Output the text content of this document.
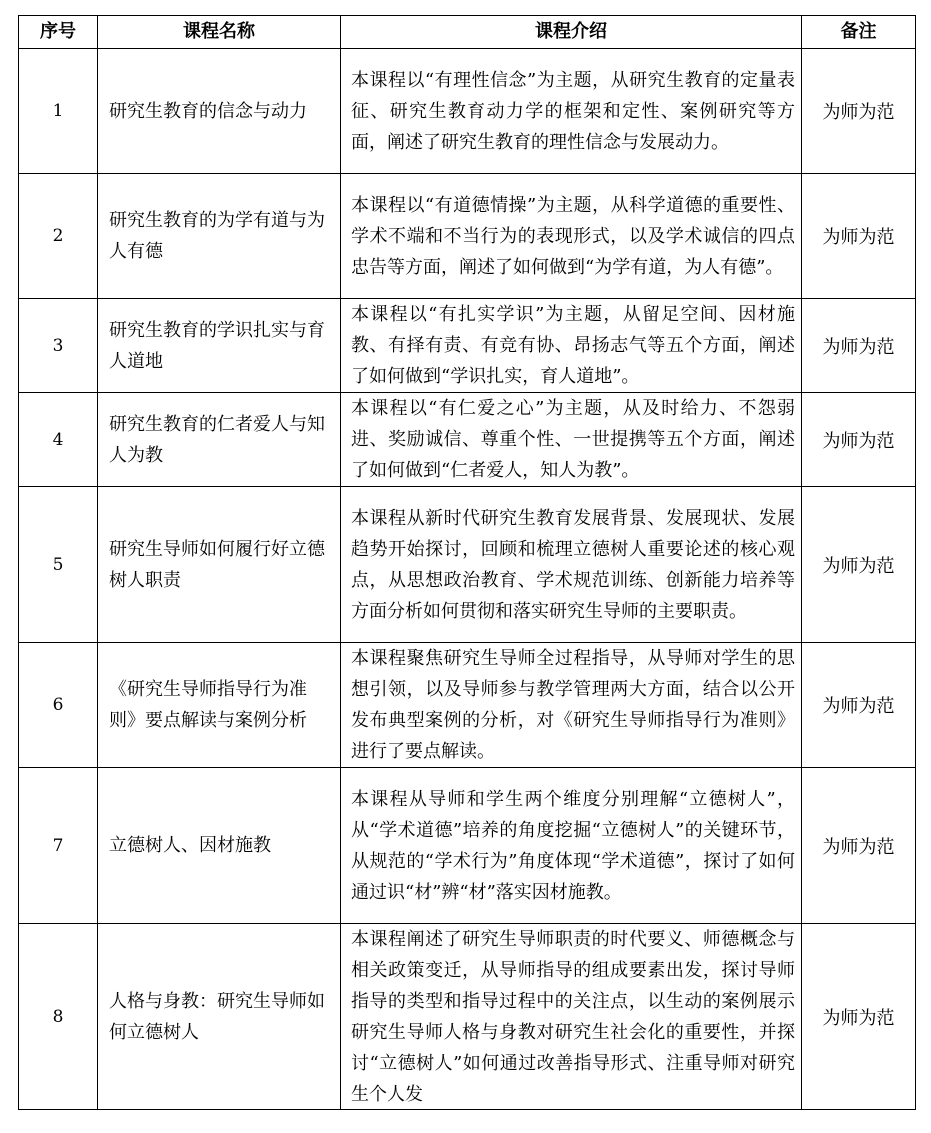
序号	课程名称	课程介绍	备注
1	研究生教育的信念与动力	本课程以“有理性信念”为主题，从研究生教育的定量表征、研究生教育动力学的框架和定性、案例研究等方面，阐述了研究生教育的理性信念与发展动力。	为师为范
2	研究生教育的为学有道与为人有德	本课程以“有道德情操”为主题，从科学道德的重要性、学术不端和不当行为的表现形式，以及学术诚信的四点忠告等方面，阐述了如何做到“为学有道，为人有德”。	为师为范
3	研究生教育的学识扎实与育人道地	本课程以“有扎实学识”为主题，从留足空间、因材施教、有择有责、有竞有协、昂扬志气等五个方面，阐述了如何做到“学识扎实，育人道地”。	为师为范
4	研究生教育的仁者爱人与知人为教	本课程以“有仁爱之心”为主题，从及时给力、不怨弱进、奖励诚信、尊重个性、一世提携等五个方面，阐述了如何做到“仁者爱人，知人为教”。	为师为范
5	研究生导师如何履行好立德树人职责	本课程从新时代研究生教育发展背景、发展现状、发展趋势开始探讨，回顾和梳理立德树人重要论述的核心观点，从思想政治教育、学术规范训练、创新能力培养等方面分析如何贯彻和落实研究生导师的主要职责。	为师为范
6	《研究生导师指导行为准则》要点解读与案例分析	本课程聚焦研究生导师全过程指导，从导师对学生的思想引领，以及导师参与教学管理两大方面，结合以公开发布典型案例的分析，对《研究生导师指导行为准则》进行了要点解读。	为师为范
7	立德树人、因材施教	本课程从导师和学生两个维度分别理解“立德树人”，从“学术道德”培养的角度挖掘“立德树人”的关键环节，从规范的“学术行为”角度体现“学术道德”，探讨了如何通过识“材”辨“材”落实因材施教。	为师为范
8	人格与身教：研究生导师如何立德树人	本课程阐述了研究生导师职责的时代要义、师德概念与相关政策变迁，从导师指导的组成要素出发，探讨导师指导的类型和指导过程中的关注点，以生动的案例展示研究生导师人格与身教对研究生社会化的重要性，并探讨“立德树人”如何通过改善指导形式、注重导师对研究生个人发	为师为范
